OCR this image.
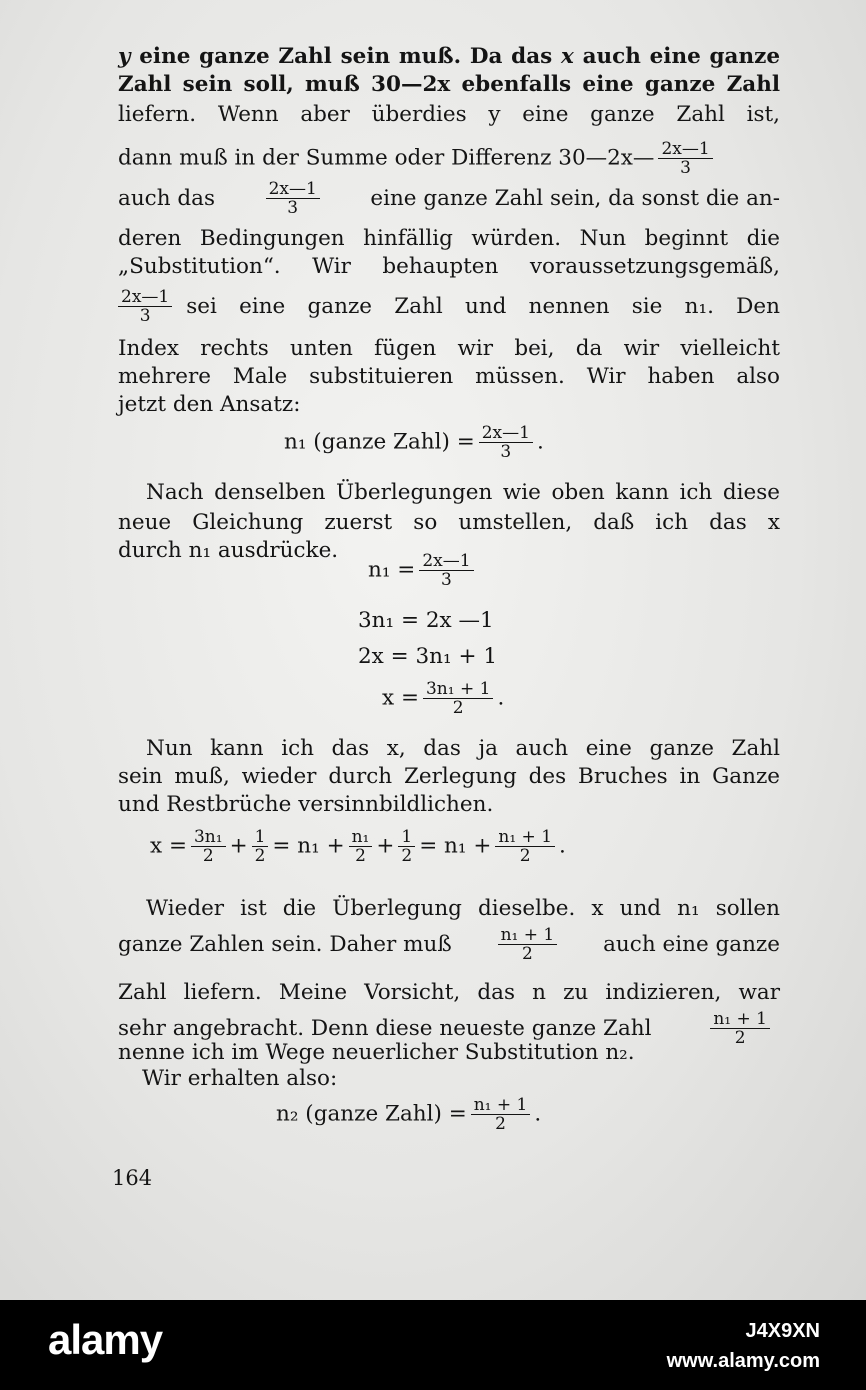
y eine ganze Zahl sein muß. Da das x auch eine ganze
Zahl sein soll, muß 30—2x ebenfalls eine ganze Zahl
liefern. Wenn aber überdies y eine ganze Zahl ist,
dann muß in der Summe oder Differenz 30—2x— $\frac{2x—1}{3}$
auch das	$\frac{2x—1}{3}$ eine ganze Zahl sein, da sonst die an-
deren Bedingungen hinfällig würden. Nun beginnt die
„Substitution“. Wir behaupten voraussetzungsgemäß,
$\frac{2x—1}{3}$ sei eine ganze Zahl und nennen sie n₁. Den
Index rechts unten fügen wir bei, da wir vielleicht
mehrere Male substituieren müssen. Wir haben also
jetzt den Ansatz:
n₁ (ganze Zahl) = $\frac{2x—1}{3}$ .
Nach denselben Überlegungen wie oben kann ich diese
neue Gleichung zuerst so umstellen, daß ich das x
durch n₁ ausdrücke.
$n_1 = \frac{2x—1}{3}$
3n₁ = 2x —1
2x = 3n₁ + 1
$x = \frac{\text{3n₁ + 1}}{2}$ .
Nun kann ich das x, das ja auch eine ganze Zahl
sein muß, wieder durch Zerlegung des Bruches in Ganze
und Restbrüche versinnbildlichen.
$x = \frac{\text{3n₁}}{2} + \frac{1}{2} = n_1 + \frac{\text{n₁}}{2} + \frac{1}{2} = n_1 + \frac{\text{n₁ + 1}}{2}$ .
Wieder ist die Überlegung dieselbe. x und n₁ sollen
ganze Zahlen sein. Daher muß	$\frac{\text{n₁ + 1}}{2}$ auch eine ganze
Zahl liefern. Meine Vorsicht, das n zu indizieren, war
sehr angebracht. Denn diese neueste ganze Zahl	$\frac{\text{n₁ + 1}}{2}$
nenne ich im Wege neuerlicher Substitution n₂.
Wir erhalten also:
n₂ (ganze Zahl) = $\frac{\text{n₁ + 1}}{2}$ .
164
alamy	J4X9XN
www.alamy.com
